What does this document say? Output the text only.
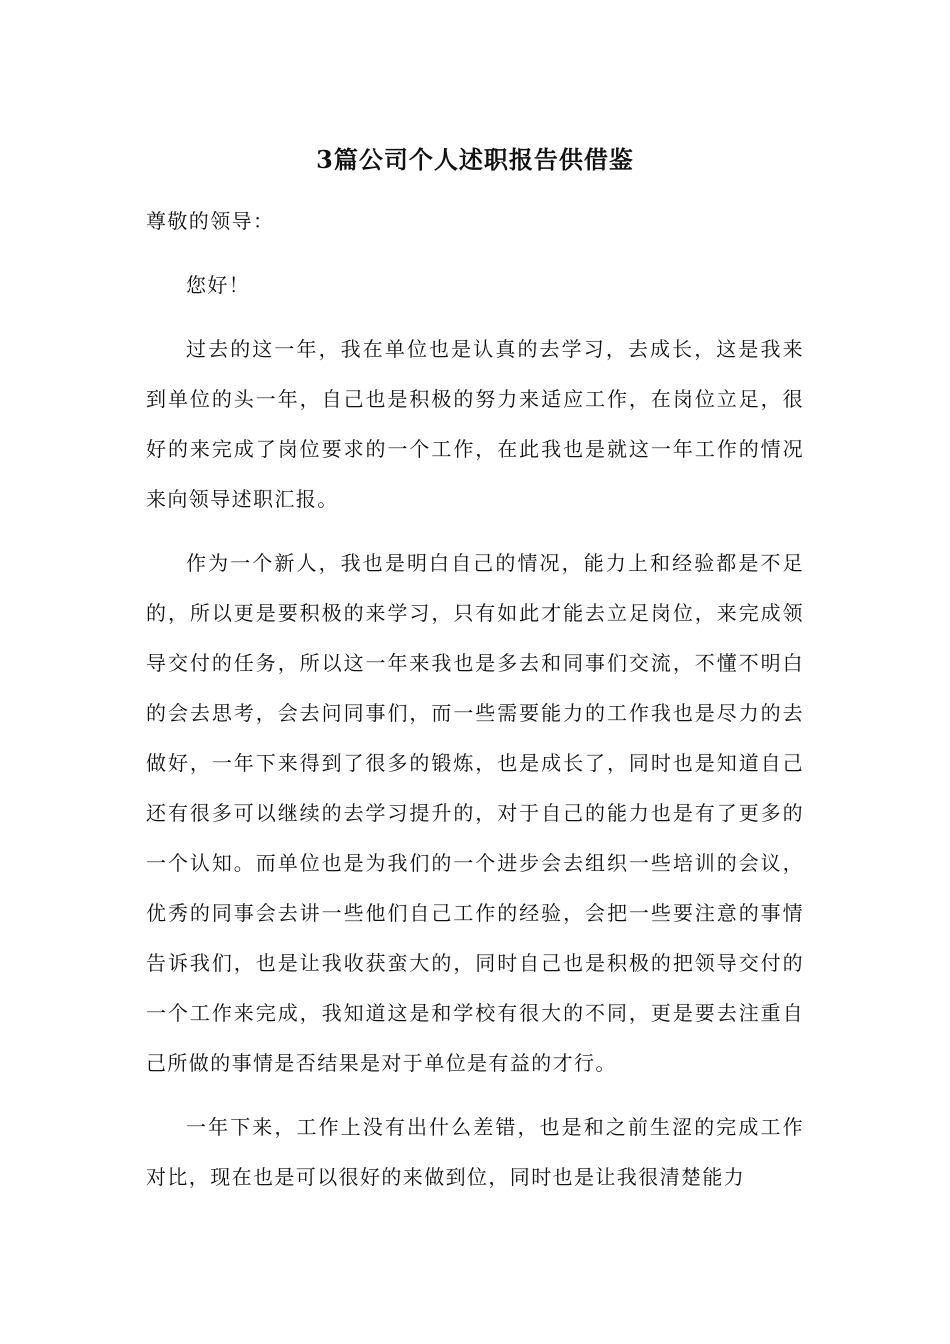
3篇公司个人述职报告供借鉴

尊敬的领导：

您好！

过去的这一年，我在单位也是认真的去学习，去成长，这是我来到单位的头一年，自己也是积极的努力来适应工作，在岗位立足，很好的来完成了岗位要求的一个工作，在此我也是就这一年工作的情况来向领导述职汇报。

作为一个新人，我也是明白自己的情况，能力上和经验都是不足的，所以更是要积极的来学习，只有如此才能去立足岗位，来完成领导交付的任务，所以这一年来我也是多去和同事们交流，不懂不明白的会去思考，会去问同事们，而一些需要能力的工作我也是尽力的去做好，一年下来得到了很多的锻炼，也是成长了，同时也是知道自己还有很多可以继续的去学习提升的，对于自己的能力也是有了更多的一个认知。而单位也是为我们的一个进步会去组织一些培训的会议，优秀的同事会去讲一些他们自己工作的经验，会把一些要注意的事情告诉我们，也是让我收获蛮大的，同时自己也是积极的把领导交付的一个工作来完成，我知道这是和学校有很大的不同，更是要去注重自己所做的事情是否结果是对于单位是有益的才行。

一年下来，工作上没有出什么差错，也是和之前生涩的完成工作对比，现在也是可以很好的来做到位，同时也是让我很清楚能力
